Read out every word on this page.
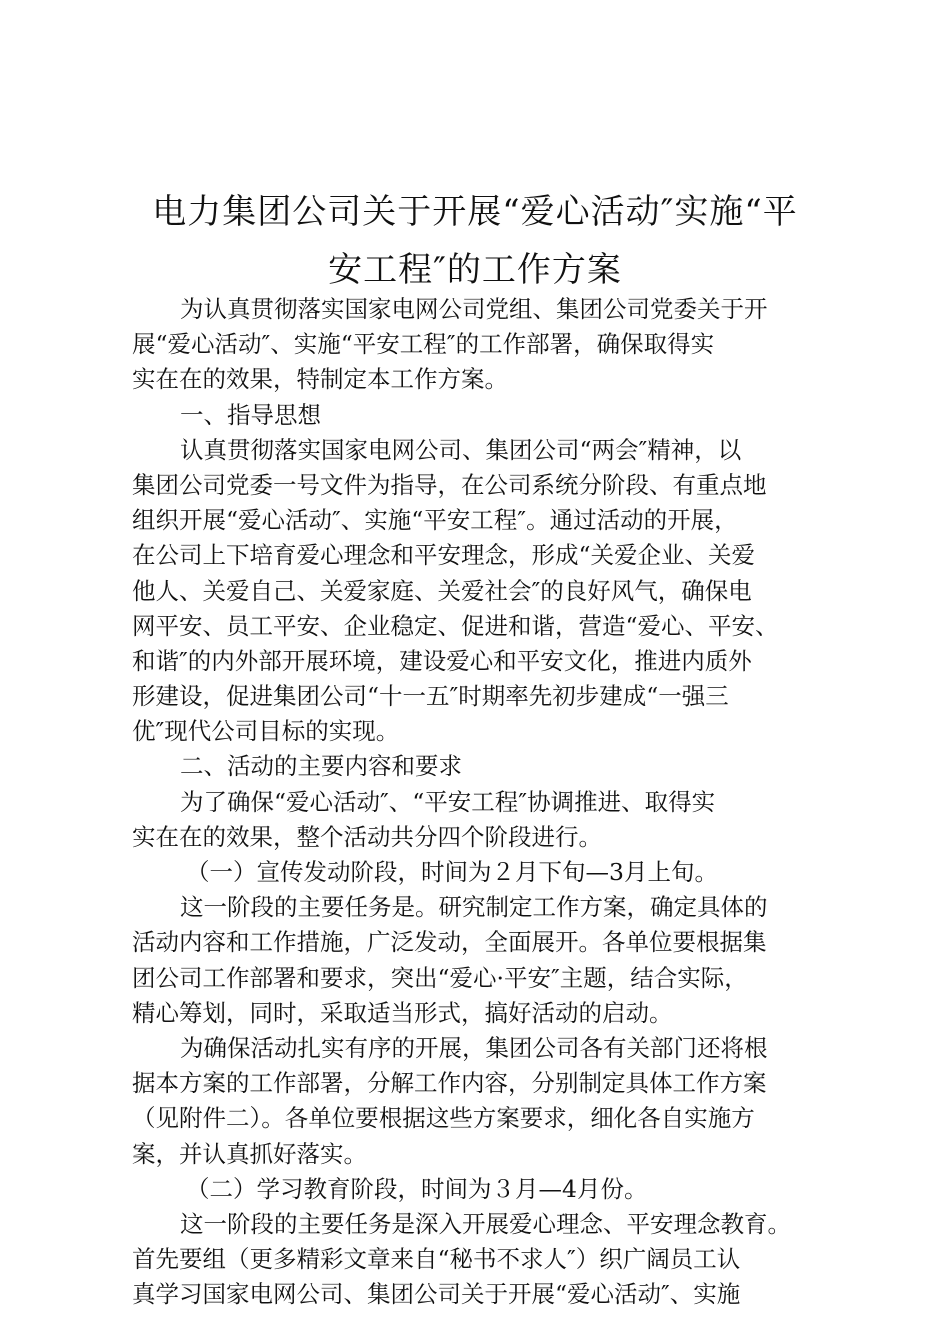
电力集团公司关于开展“爱心活动″实施“平
安工程″的工作方案
为认真贯彻落实国家电网公司党组、集团公司党委关于开
展“爱心活动″、实施“平安工程″的工作部署，确保取得实
实在在的效果，特制定本工作方案。
一、指导思想
认真贯彻落实国家电网公司、集团公司“两会″精神，以
集团公司党委一号文件为指导，在公司系统分阶段、有重点地
组织开展“爱心活动″、实施“平安工程″。通过活动的开展，
在公司上下培育爱心理念和平安理念，形成“关爱企业、关爱
他人、关爱自己、关爱家庭、关爱社会″的良好风气，确保电
网平安、员工平安、企业稳定、促进和谐，营造“爱心、平安、
和谐″的内外部开展环境，建设爱心和平安文化，推进内质外
形建设，促进集团公司“十一五″时期率先初步建成“一强三
优″现代公司目标的实现。
二、活动的主要内容和要求
为了确保“爱心活动″、“平安工程″协调推进、取得实
实在在的效果，整个活动共分四个阶段进行。
（一）宣传发动阶段，时间为２月下旬—3月上旬。
这一阶段的主要任务是。研究制定工作方案，确定具体的
活动内容和工作措施，广泛发动，全面展开。各单位要根据集
团公司工作部署和要求，突出“爱心·平安″主题，结合实际，
精心筹划，同时，采取适当形式，搞好活动的启动。
为确保活动扎实有序的开展，集团公司各有关部门还将根
据本方案的工作部署，分解工作内容，分别制定具体工作方案
（见附件二）。各单位要根据这些方案要求，细化各自实施方
案，并认真抓好落实。
（二）学习教育阶段，时间为３月—4月份。
这一阶段的主要任务是深入开展爱心理念、平安理念教育。
首先要组（更多精彩文章来自“秘书不求人″）织广阔员工认
真学习国家电网公司、集团公司关于开展“爱心活动″、实施
